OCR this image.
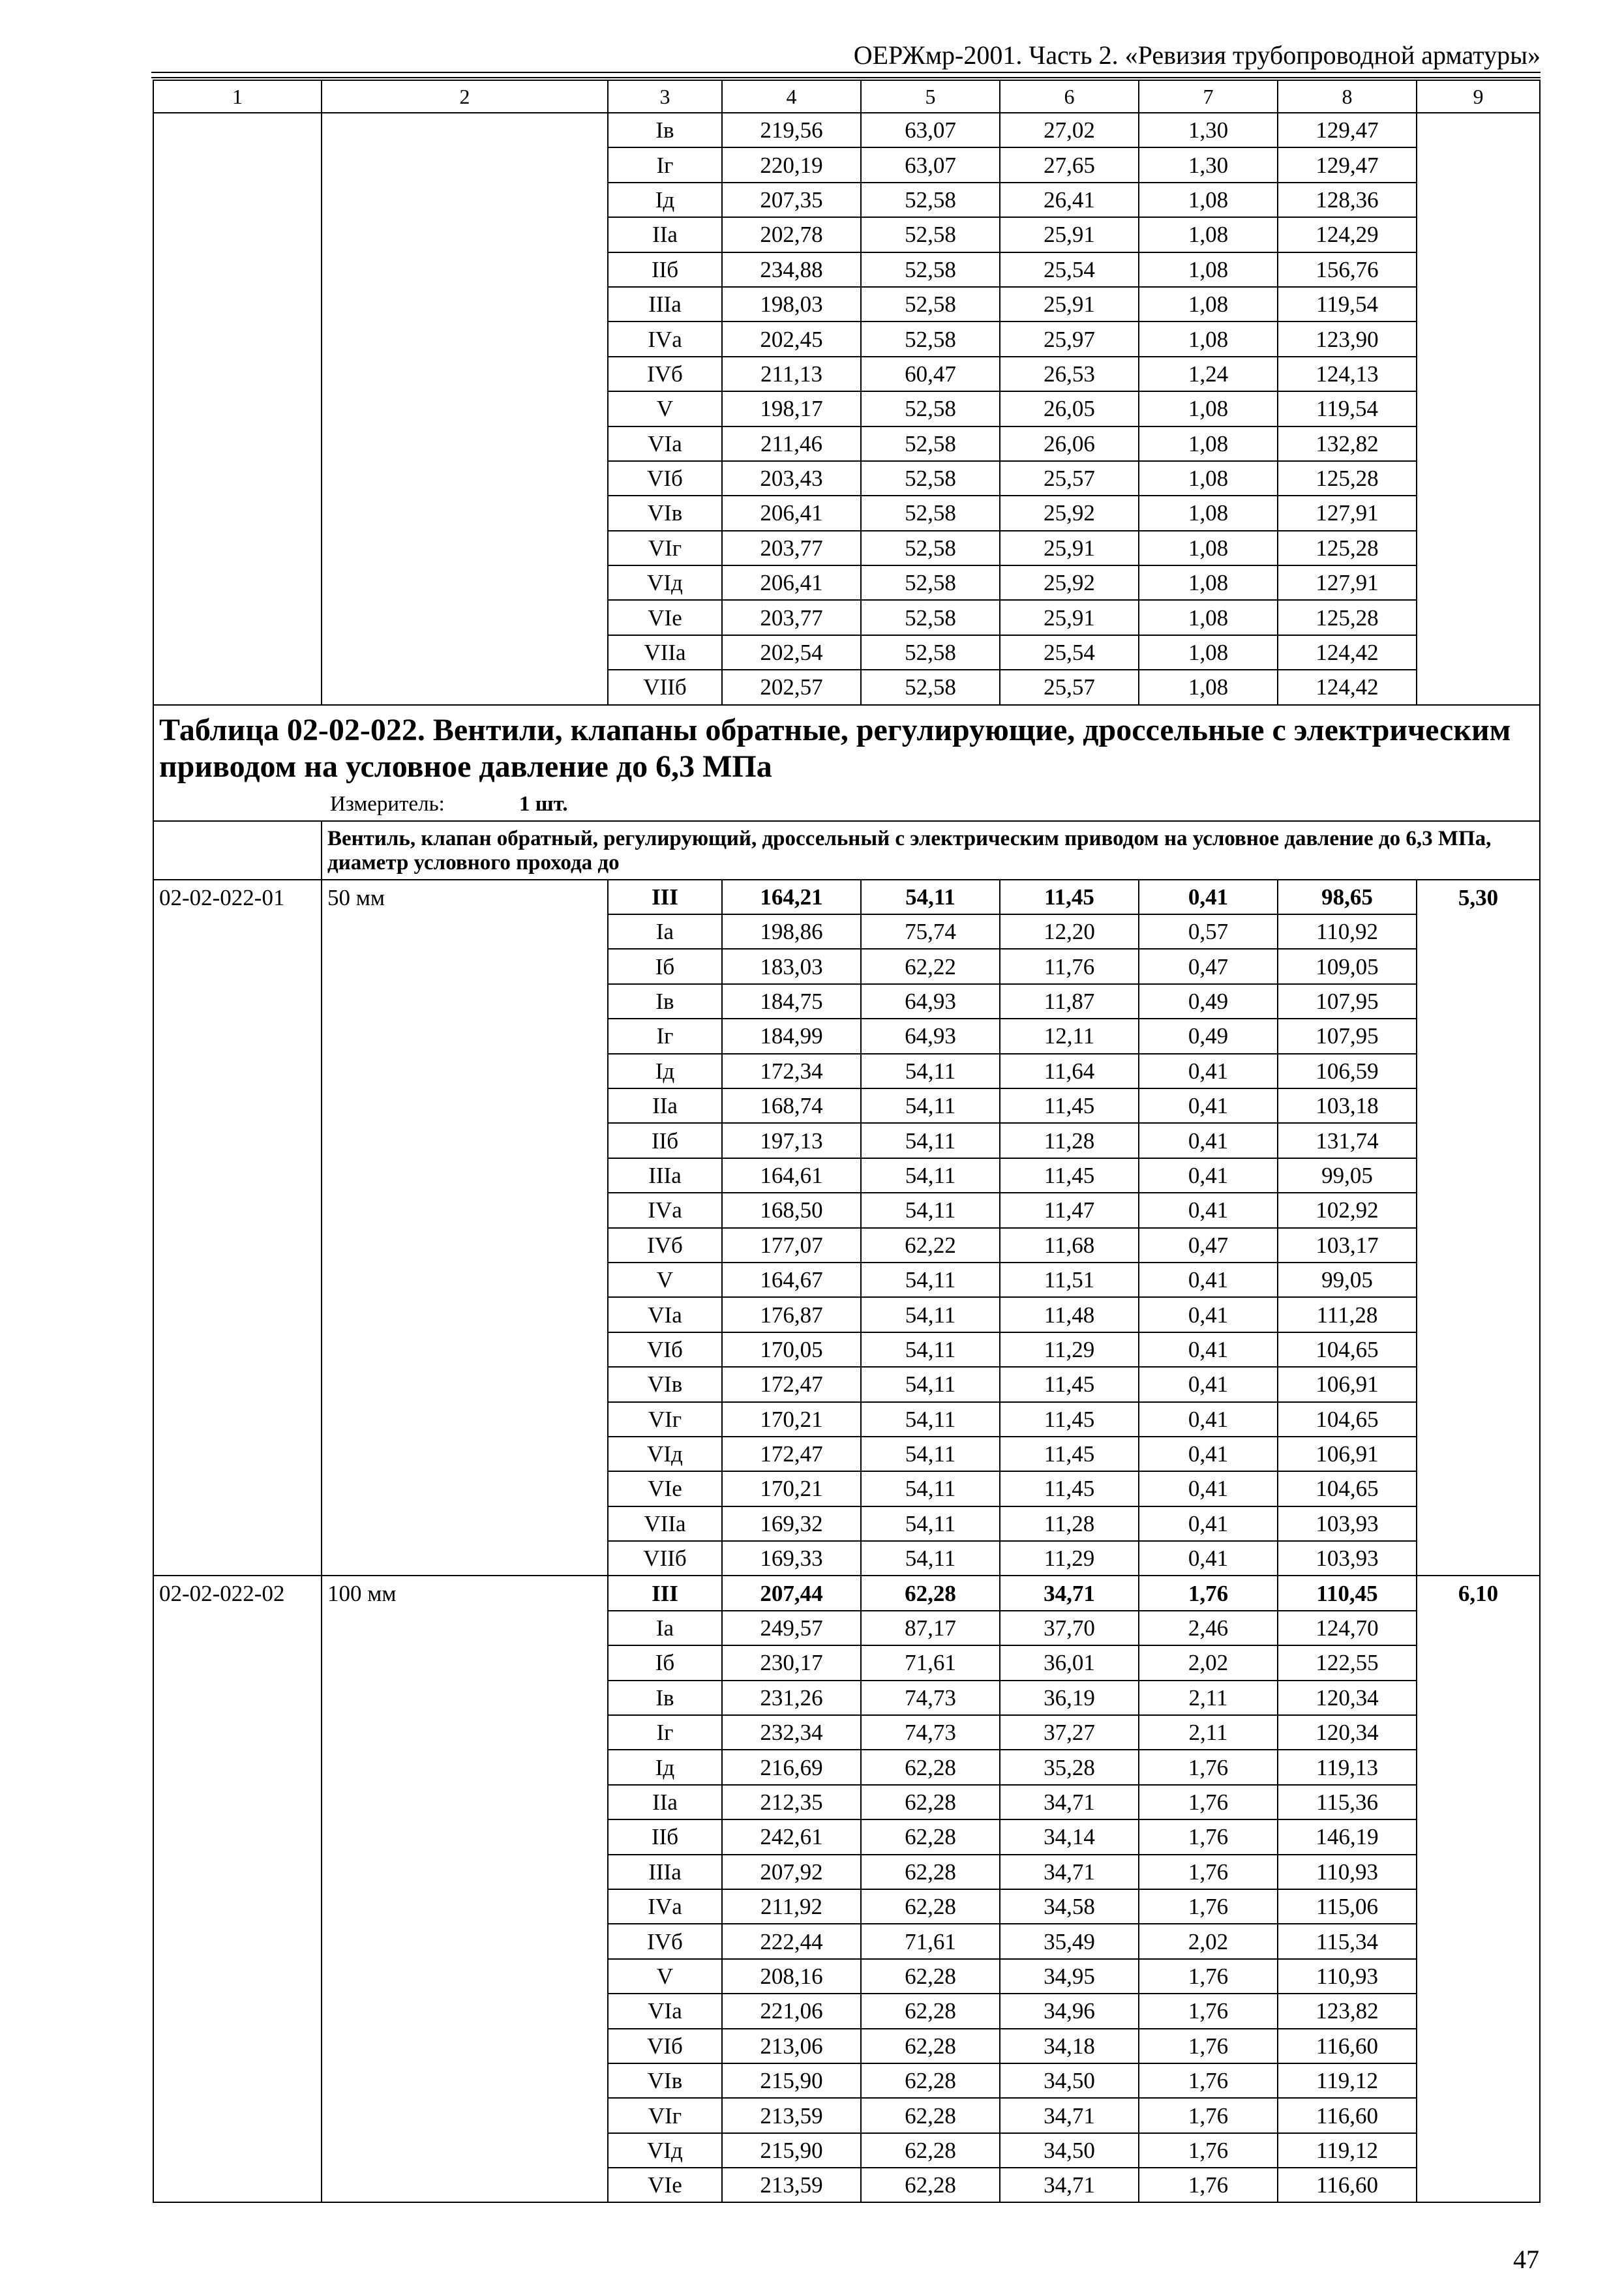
ОЕРЖмр-2001. Часть 2. «Ревизия трубопроводной арматуры»
1	2	3	4	5	6	7	8	9
		Iв	219,56	63,07	27,02	1,30	129,47	
		Iг	220,19	63,07	27,65	1,30	129,47	
		Iд	207,35	52,58	26,41	1,08	128,36	
		IIа	202,78	52,58	25,91	1,08	124,29	
		IIб	234,88	52,58	25,54	1,08	156,76	
		IIIа	198,03	52,58	25,91	1,08	119,54	
		IVа	202,45	52,58	25,97	1,08	123,90	
		IVб	211,13	60,47	26,53	1,24	124,13	
		V	198,17	52,58	26,05	1,08	119,54	
		VIа	211,46	52,58	26,06	1,08	132,82	
		VIб	203,43	52,58	25,57	1,08	125,28	
		VIв	206,41	52,58	25,92	1,08	127,91	
		VIг	203,77	52,58	25,91	1,08	125,28	
		VIд	206,41	52,58	25,92	1,08	127,91	
		VIе	203,77	52,58	25,91	1,08	125,28	
		VIIа	202,54	52,58	25,54	1,08	124,42	
		VIIб	202,57	52,58	25,57	1,08	124,42	

Таблица 02-02-022. Вентили, клапаны обратные, регулирующие, дроссельные с электрическим приводом на условное давление до 6,3 МПа
Измеритель: 1 шт.								

	Вентиль, клапан обратный, регулирующий, дроссельный с электрическим приводом на условное давление до 6,3 МПа, диаметр условного прохода до							
02-02-022-01	50 мм	III	164,21	54,11	11,45	0,41	98,65	5,30
		Iа	198,86	75,74	12,20	0,57	110,92	
		Iб	183,03	62,22	11,76	0,47	109,05	
		Iв	184,75	64,93	11,87	0,49	107,95	
		Iг	184,99	64,93	12,11	0,49	107,95	
		Iд	172,34	54,11	11,64	0,41	106,59	
		IIа	168,74	54,11	11,45	0,41	103,18	
		IIб	197,13	54,11	11,28	0,41	131,74	
		IIIа	164,61	54,11	11,45	0,41	99,05	
		IVа	168,50	54,11	11,47	0,41	102,92	
		IVб	177,07	62,22	11,68	0,47	103,17	
		V	164,67	54,11	11,51	0,41	99,05	
		VIа	176,87	54,11	11,48	0,41	111,28	
		VIб	170,05	54,11	11,29	0,41	104,65	
		VIв	172,47	54,11	11,45	0,41	106,91	
		VIг	170,21	54,11	11,45	0,41	104,65	
		VIд	172,47	54,11	11,45	0,41	106,91	
		VIе	170,21	54,11	11,45	0,41	104,65	
		VIIа	169,32	54,11	11,28	0,41	103,93	
		VIIб	169,33	54,11	11,29	0,41	103,93	
02-02-022-02	100 мм	III	207,44	62,28	34,71	1,76	110,45	6,10
		Iа	249,57	87,17	37,70	2,46	124,70	
		Iб	230,17	71,61	36,01	2,02	122,55	
		Iв	231,26	74,73	36,19	2,11	120,34	
		Iг	232,34	74,73	37,27	2,11	120,34	
		Iд	216,69	62,28	35,28	1,76	119,13	
		IIа	212,35	62,28	34,71	1,76	115,36	
		IIб	242,61	62,28	34,14	1,76	146,19	
		IIIа	207,92	62,28	34,71	1,76	110,93	
		IVа	211,92	62,28	34,58	1,76	115,06	
		IVб	222,44	71,61	35,49	2,02	115,34	
		V	208,16	62,28	34,95	1,76	110,93	
		VIа	221,06	62,28	34,96	1,76	123,82	
		VIб	213,06	62,28	34,18	1,76	116,60	
		VIв	215,90	62,28	34,50	1,76	119,12	
		VIг	213,59	62,28	34,71	1,76	116,60	
		VIд	215,90	62,28	34,50	1,76	119,12	
		VIе	213,59	62,28	34,71	1,76	116,60	
47
